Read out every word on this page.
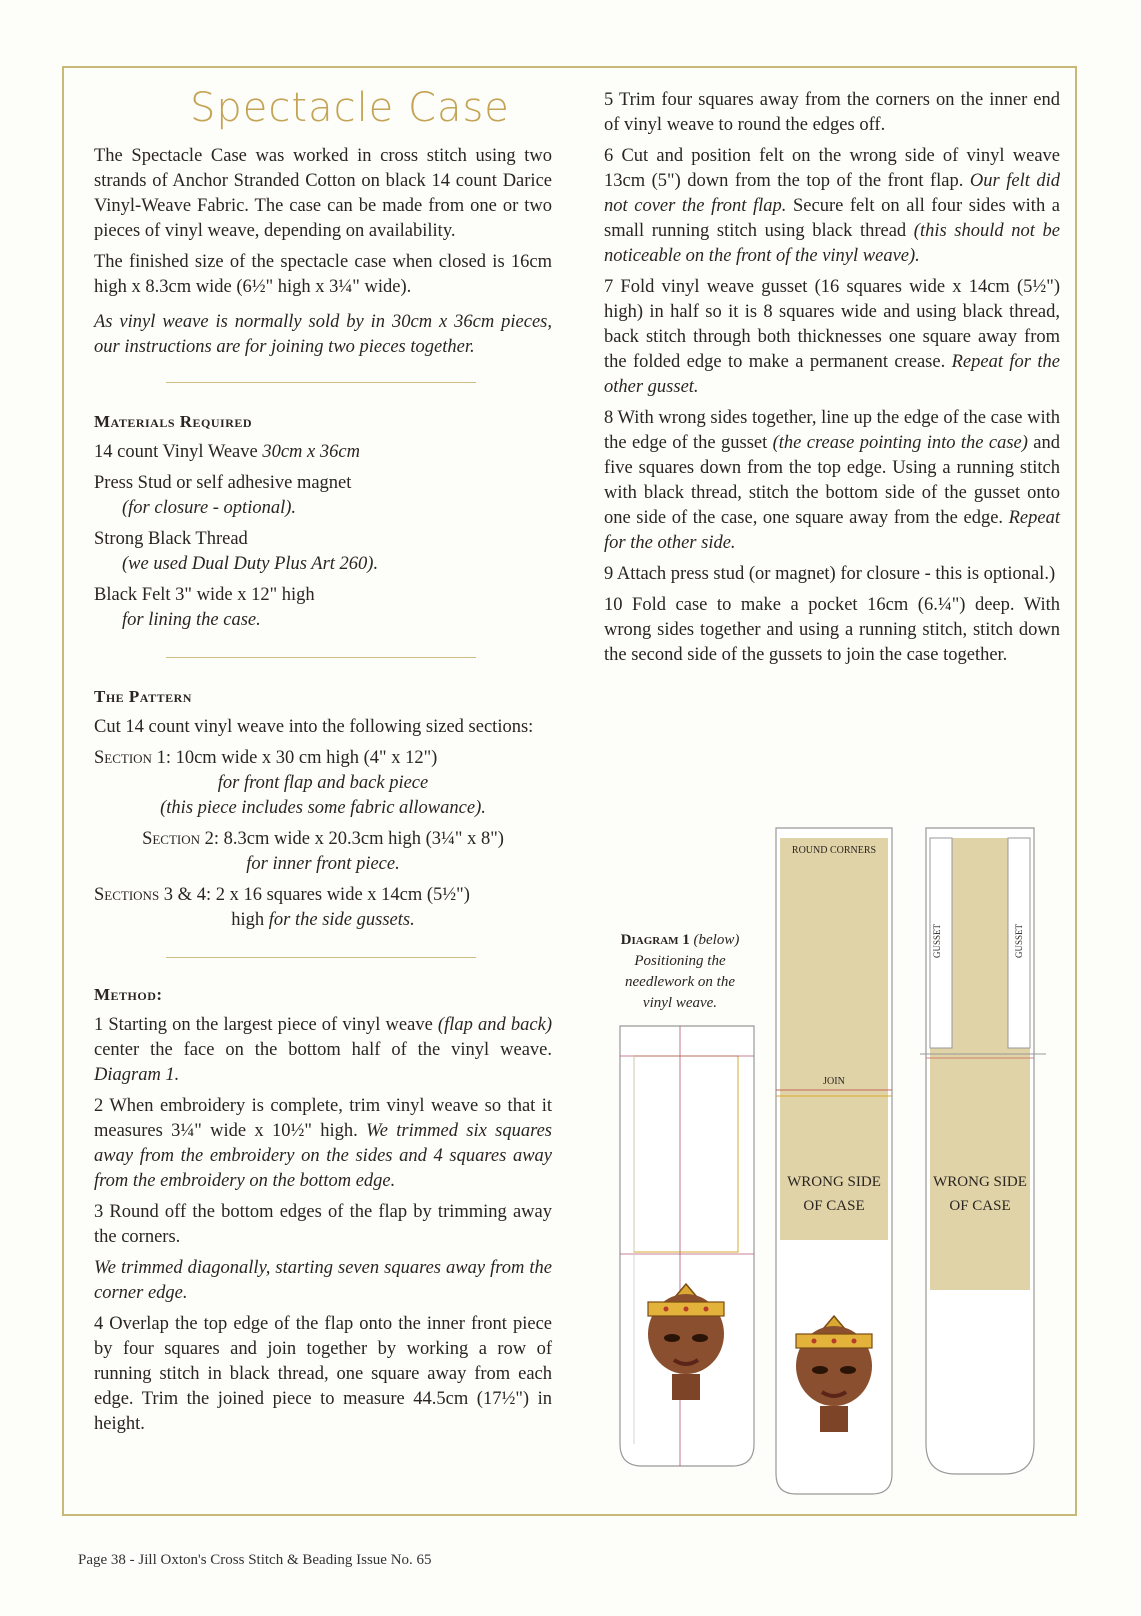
Spectacle Case

The Spectacle Case was worked in cross stitch using two strands of Anchor Stranded Cotton on black 14 count Darice Vinyl-Weave Fabric. The case can be made from one or two pieces of vinyl weave, depending on availability.

The finished size of the spectacle case when closed is 16cm high x 8.3cm wide (6½" high x 3¼" wide).

As vinyl weave is normally sold by in 30cm x 36cm pieces, our instructions are for joining two pieces together.

Materials Required

14 count Vinyl Weave 30cm x 36cm

Press Stud or self adhesive magnet

(for closure - optional).

Strong Black Thread

(we used Dual Duty Plus Art 260).

Black Felt 3" wide x 12" high

for lining the case.

The Pattern

Cut 14 count vinyl weave into the following sized sections:

Section 1: 10cm wide x 30 cm high (4" x 12")

for front flap and back piece

(this piece includes some fabric allowance).

Section 2: 8.3cm wide x 20.3cm high (3¼" x 8")

for inner front piece.

Sections 3 & 4: 2 x 16 squares wide x 14cm (5½")

high for the side gussets.

Method:

1 Starting on the largest piece of vinyl weave (flap and back) center the face on the bottom half of the vinyl weave. Diagram 1.

2 When embroidery is complete, trim vinyl weave so that it measures 3¼" wide x 10½" high. We trimmed six squares away from the embroidery on the sides and 4 squares away from the embroidery on the bottom edge.

3 Round off the bottom edges of the flap by trimming away the corners.

We trimmed diagonally, starting seven squares away from the corner edge.

4 Overlap the top edge of the flap onto the inner front piece by four squares and join together by working a row of running stitch in black thread, one square away from each edge. Trim the joined piece to measure 44.5cm (17½") in height.

5 Trim four squares away from the corners on the inner end of vinyl weave to round the edges off.

6 Cut and position felt on the wrong side of vinyl weave 13cm (5") down from the top of the front flap. Our felt did not cover the front flap. Secure felt on all four sides with a small running stitch using black thread (this should not be noticeable on the front of the vinyl weave).

7 Fold vinyl weave gusset (16 squares wide x 14cm (5½") high) in half so it is 8 squares wide and using black thread, back stitch through both thicknesses one square away from the folded edge to make a permanent crease. Repeat for the other gusset.

8 With wrong sides together, line up the edge of the case with the edge of the gusset (the crease pointing into the case) and five squares down from the top edge. Using a running stitch with black thread, stitch the bottom side of the gusset onto one side of the case, one square away from the edge. Repeat for the other side.

9 Attach press stud (or magnet) for closure - this is optional.)

10 Fold case to make a pocket 16cm (6.¼") deep. With wrong sides together and using a running stitch, stitch down the second side of the gussets to join the case together.

Diagram 1 (below)
Positioning the
needlework on the
vinyl weave.
ROUND CORNERS
JOIN
WRONG SIDE
OF CASE
WRONG SIDE
OF CASE
GUSSET	GUSSET
Page 38 - Jill Oxton's Cross Stitch & Beading Issue No. 65
